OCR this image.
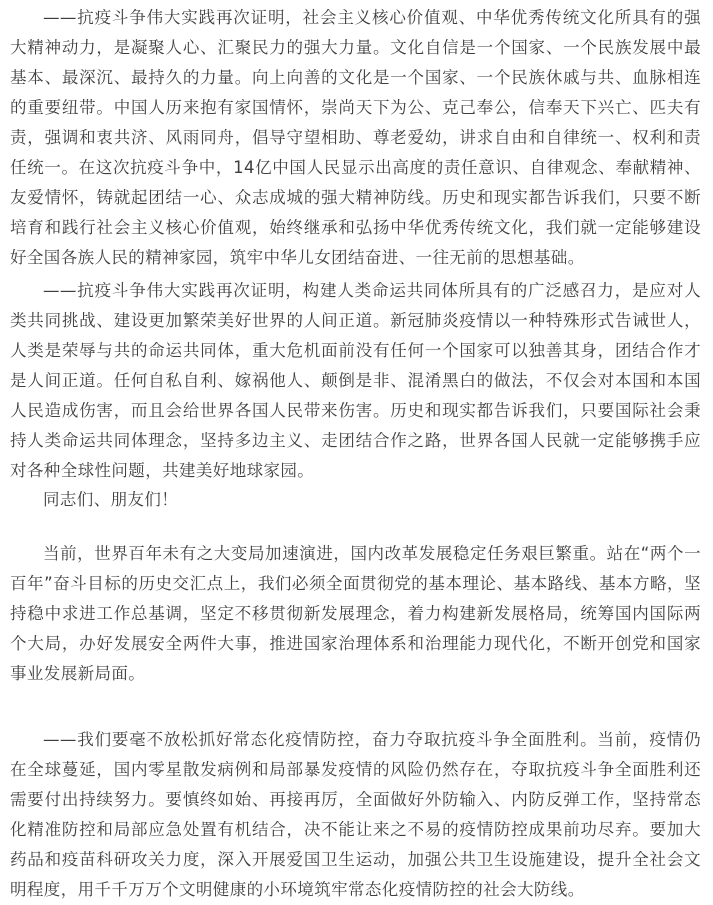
——抗疫斗争伟大实践再次证明，社会主义核心价值观、中华优秀传统文化所具有的强大精神动力，是凝聚人心、汇聚民力的强大力量。文化自信是一个国家、一个民族发展中最基本、最深沉、最持久的力量。向上向善的文化是一个国家、一个民族休戚与共、血脉相连的重要纽带。中国人历来抱有家国情怀，崇尚天下为公、克己奉公，信奉天下兴亡、匹夫有责，强调和衷共济、风雨同舟，倡导守望相助、尊老爱幼，讲求自由和自律统一、权利和责任统一。在这次抗疫斗争中，14亿中国人民显示出高度的责任意识、自律观念、奉献精神、友爱情怀，铸就起团结一心、众志成城的强大精神防线。历史和现实都告诉我们，只要不断培育和践行社会主义核心价值观，始终继承和弘扬中华优秀传统文化，我们就一定能够建设好全国各族人民的精神家园，筑牢中华儿女团结奋进、一往无前的思想基础。

——抗疫斗争伟大实践再次证明，构建人类命运共同体所具有的广泛感召力，是应对人类共同挑战、建设更加繁荣美好世界的人间正道。新冠肺炎疫情以一种特殊形式告诫世人，人类是荣辱与共的命运共同体，重大危机面前没有任何一个国家可以独善其身，团结合作才是人间正道。任何自私自利、嫁祸他人、颠倒是非、混淆黑白的做法，不仅会对本国和本国人民造成伤害，而且会给世界各国人民带来伤害。历史和现实都告诉我们，只要国际社会秉持人类命运共同体理念，坚持多边主义、走团结合作之路，世界各国人民就一定能够携手应对各种全球性问题，共建美好地球家园。

同志们、朋友们！

当前，世界百年未有之大变局加速演进，国内改革发展稳定任务艰巨繁重。站在“两个一百年”奋斗目标的历史交汇点上，我们必须全面贯彻党的基本理论、基本路线、基本方略，坚持稳中求进工作总基调，坚定不移贯彻新发展理念，着力构建新发展格局，统筹国内国际两个大局，办好发展安全两件大事，推进国家治理体系和治理能力现代化，不断开创党和国家事业发展新局面。

——我们要毫不放松抓好常态化疫情防控，奋力夺取抗疫斗争全面胜利。当前，疫情仍在全球蔓延，国内零星散发病例和局部暴发疫情的风险仍然存在，夺取抗疫斗争全面胜利还需要付出持续努力。要慎终如始、再接再厉，全面做好外防输入、内防反弹工作，坚持常态化精准防控和局部应急处置有机结合，决不能让来之不易的疫情防控成果前功尽弃。要加大药品和疫苗科研攻关力度，深入开展爱国卫生运动，加强公共卫生设施建设，提升全社会文明程度，用千千万万个文明健康的小环境筑牢常态化疫情防控的社会大防线。
